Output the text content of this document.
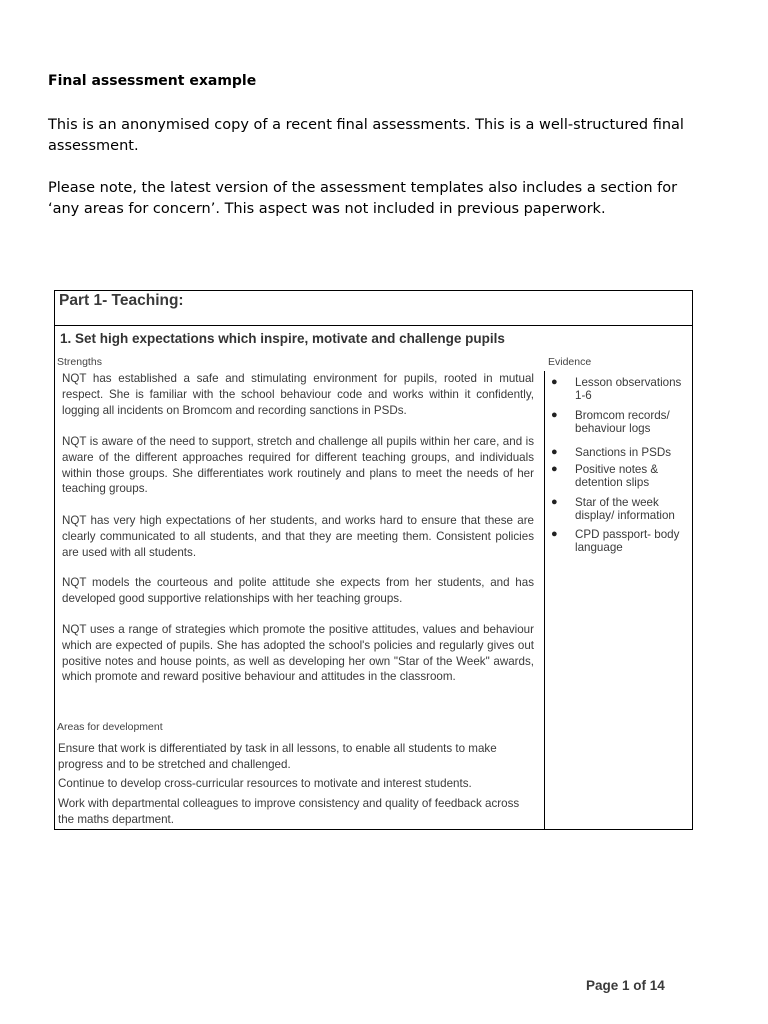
Final assessment example

This is an anonymised copy of a recent final assessments. This is a well-structured final assessment.

Please note, the latest version of the assessment templates also includes a section for ‘any areas for concern’. This aspect was not included in previous paperwork.

Part 1- Teaching:
1. Set high expectations which inspire, motivate and challenge pupils
Strengths	Evidence

NQT has established a safe and stimulating environment for pupils, rooted in mutual respect. She is familiar with the school behaviour code and works within it confidently, logging all incidents on Bromcom and recording sanctions in PSDs.

NQT is aware of the need to support, stretch and challenge all pupils within her care, and is aware of the different approaches required for different teaching groups, and individuals within those groups. She differentiates work routinely and plans to meet the needs of her teaching groups.

NQT has very high expectations of her students, and works hard to ensure that these are clearly communicated to all students, and that they are meeting them. Consistent policies are used with all students.

NQT models the courteous and polite attitude she expects from her students, and has developed good supportive relationships with her teaching groups.

NQT uses a range of strategies which promote the positive attitudes, values and behaviour which are expected of pupils. She has adopted the school's policies and regularly gives out positive notes and house points, as well as developing her own "Star of the Week" awards, which promote and reward positive behaviour and attitudes in the classroom.

Areas for development

Ensure that work is differentiated by task in all lessons, to enable all students to make progress and to be stretched and challenged.

Continue to develop cross-curricular resources to motivate and interest students.

Work with departmental colleagues to improve consistency and quality of feedback across the maths department.

● Lesson observations 1-6
● Bromcom records/ behaviour logs
● Sanctions in PSDs
● Positive notes & detention slips
● Star of the week display/ information
● CPD passport- body language
Page 1 of 14
